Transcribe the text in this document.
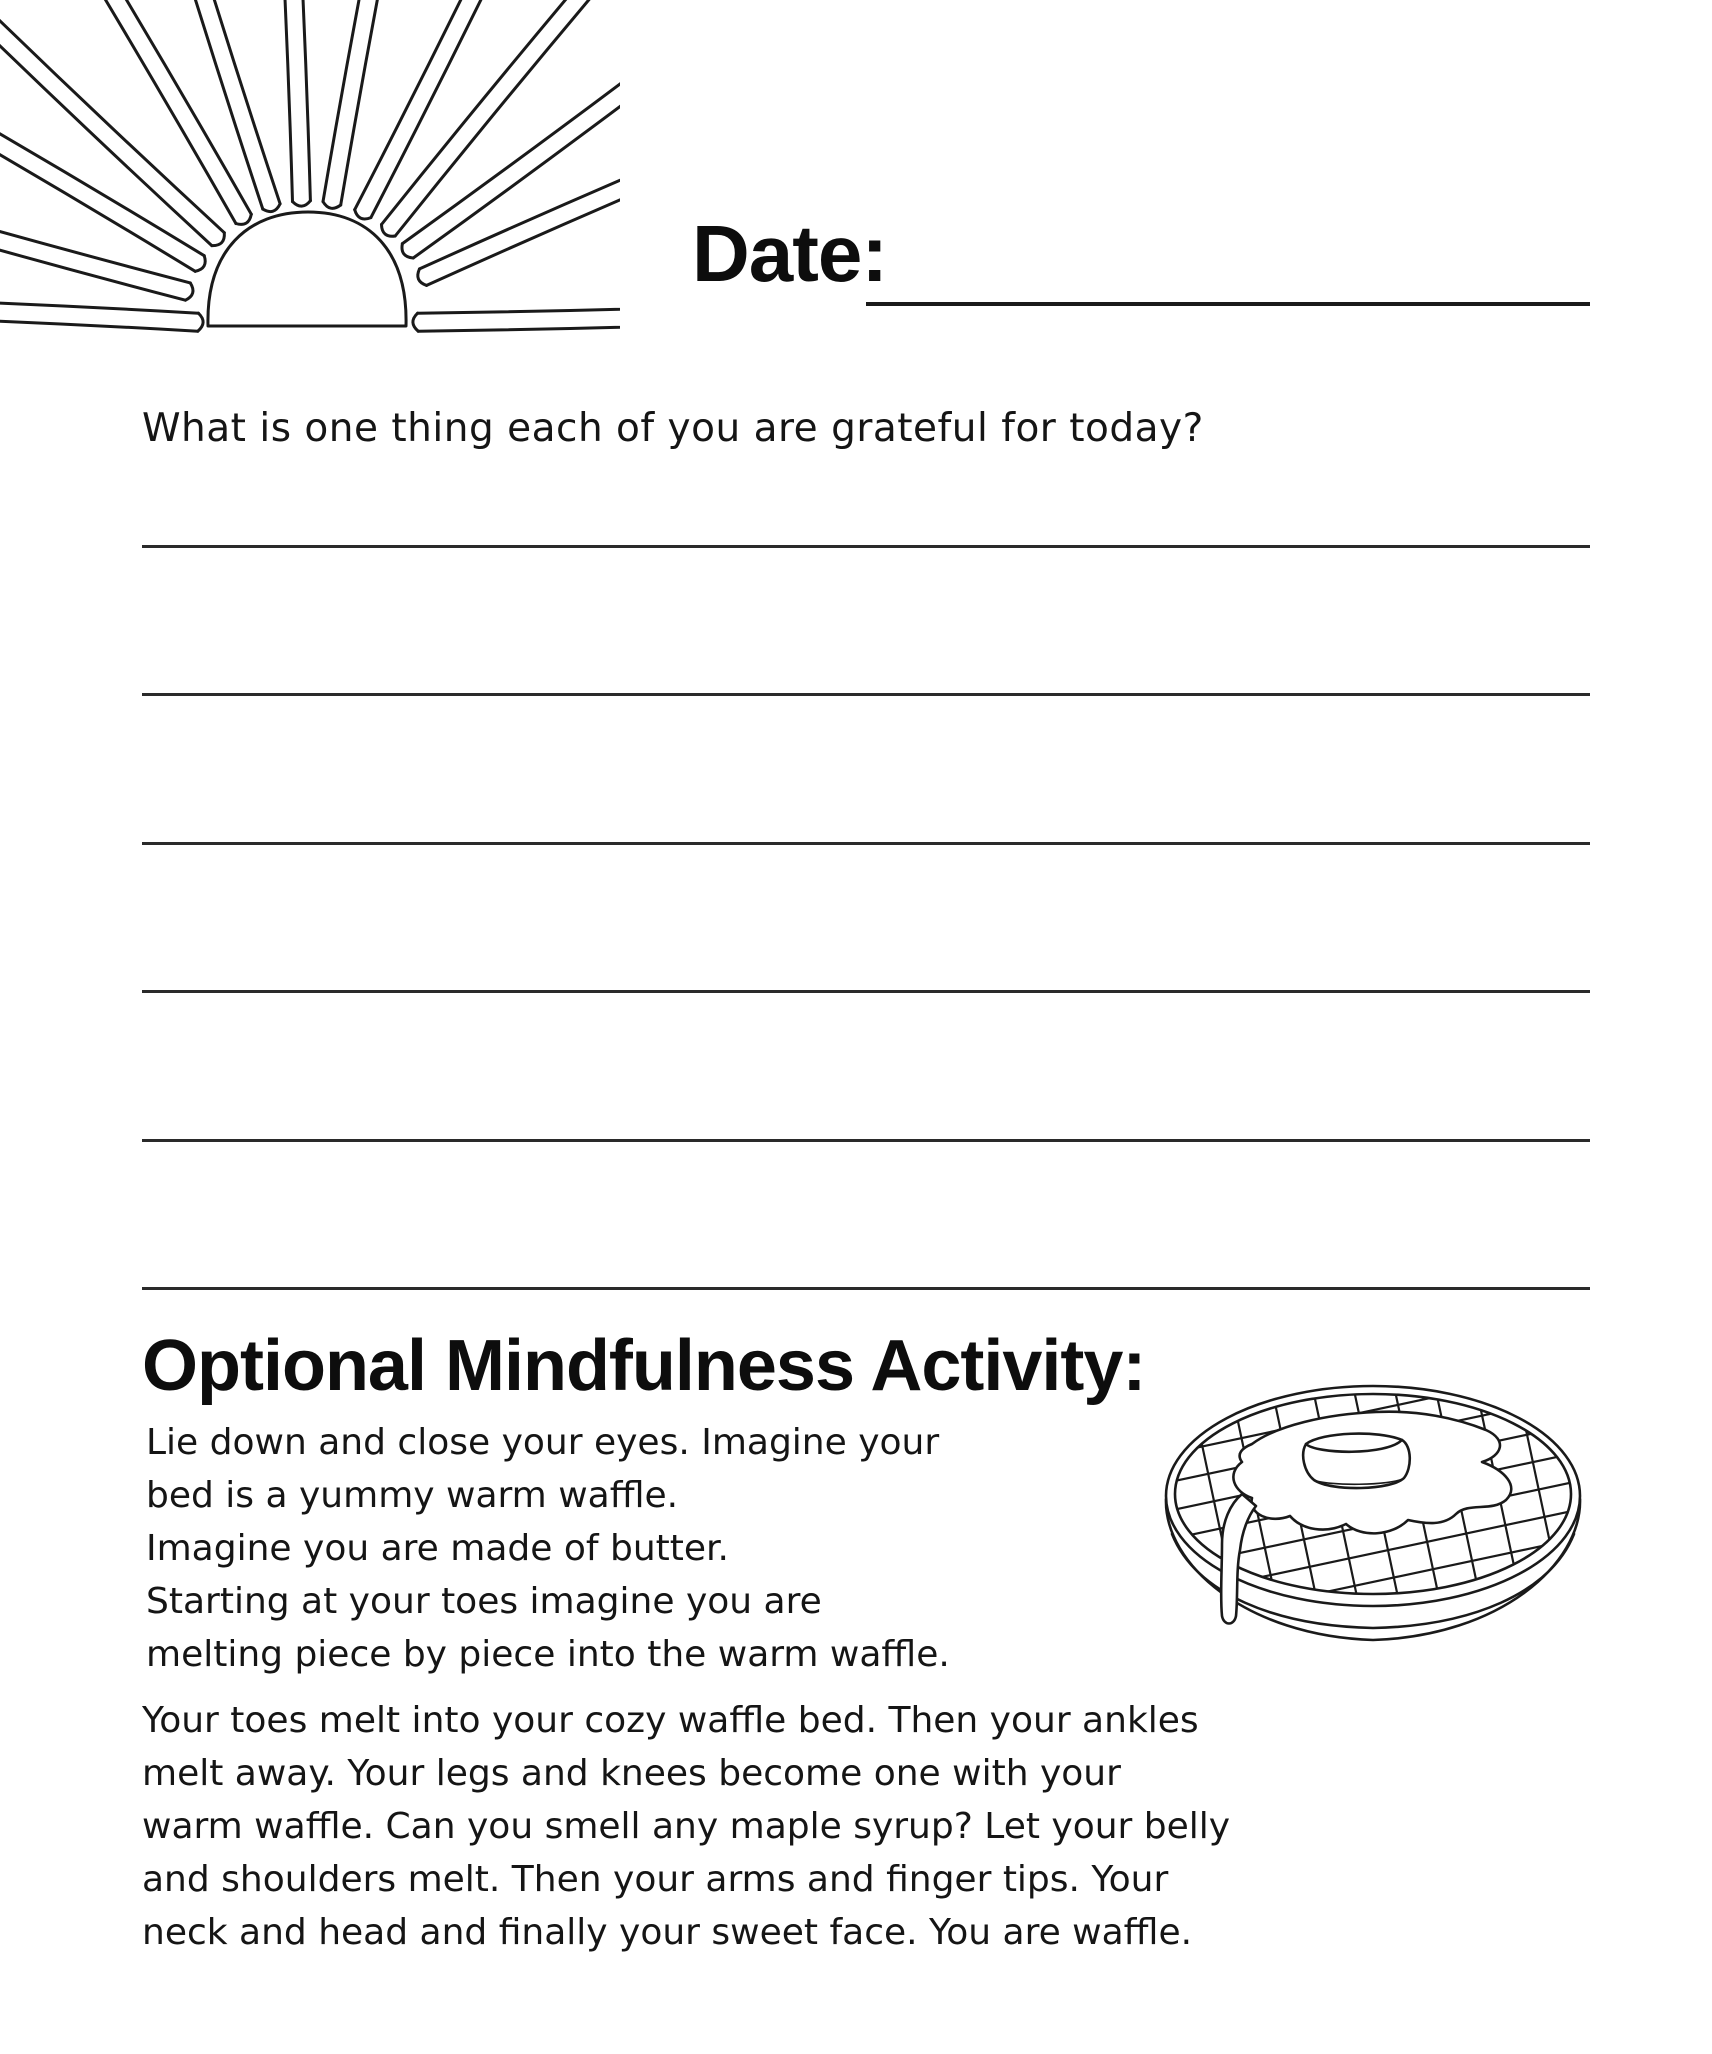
Date:
What is one thing each of you are grateful for today?
Optional Mindfulness Activity:
Lie down and close your eyes. Imagine your
bed is a yummy warm waffle.
Imagine you are made of butter.
Starting at your toes imagine you are
melting piece by piece into the warm waffle.
Your toes melt into your cozy waffle bed. Then your ankles
melt away. Your legs and knees become one with your
warm waffle. Can you smell any maple syrup? Let your belly
and shoulders melt. Then your arms and finger tips. Your
neck and head and finally your sweet face. You are waffle.
